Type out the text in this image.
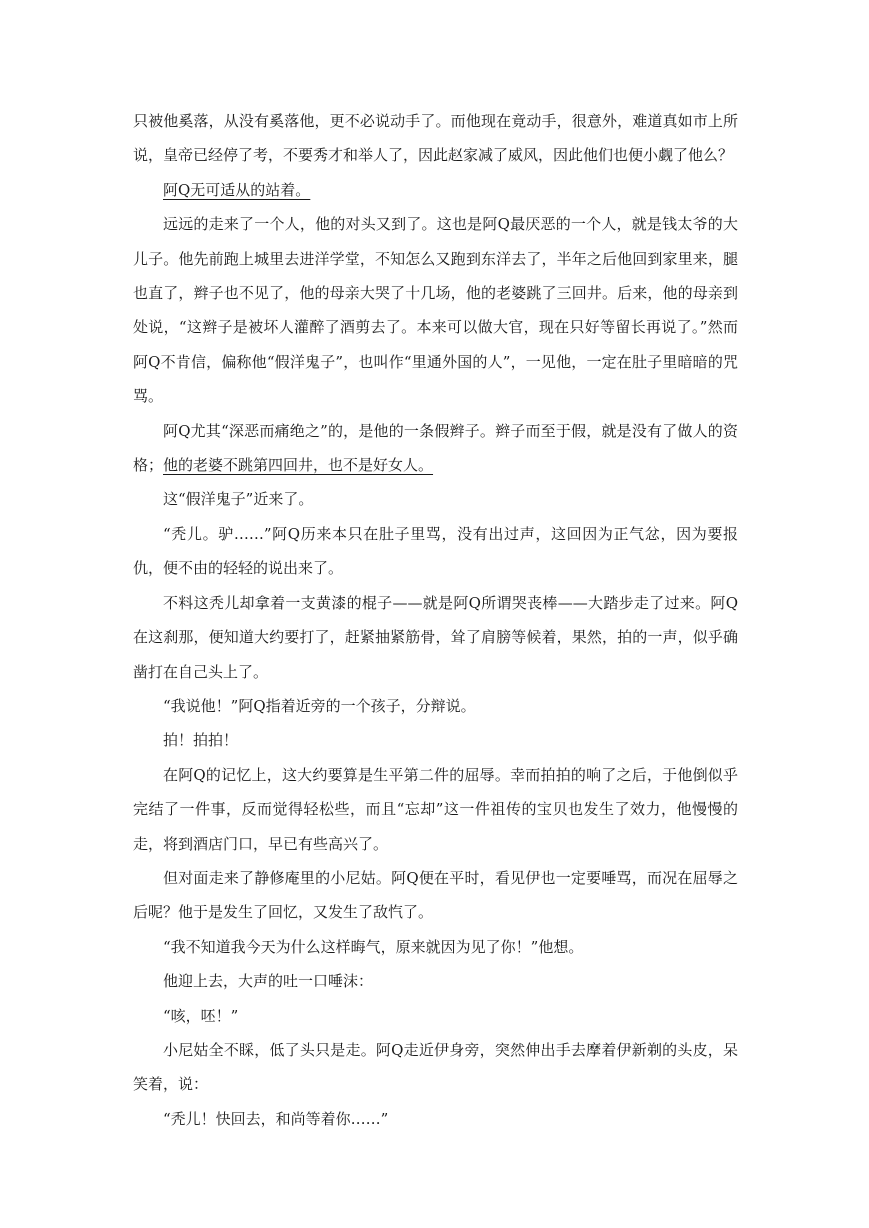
只被他奚落，从没有奚落他，更不必说动手了。而他现在竟动手，很意外，难道真如市上所说，皇帝已经停了考，不要秀才和举人了，因此赵家减了威风，因此他们也便小觑了他么？

阿Q无可适从的站着。

远远的走来了一个人，他的对头又到了。这也是阿Q最厌恶的一个人，就是钱太爷的大儿子。他先前跑上城里去进洋学堂，不知怎么又跑到东洋去了，半年之后他回到家里来，腿也直了，辫子也不见了，他的母亲大哭了十几场，他的老婆跳了三回井。后来，他的母亲到处说，“这辫子是被坏人灌醉了酒剪去了。本来可以做大官，现在只好等留长再说了。”然而阿Q不肯信，偏称他“假洋鬼子”，也叫作“里通外国的人”，一见他，一定在肚子里暗暗的咒骂。

阿Q尤其“深恶而痛绝之”的，是他的一条假辫子。辫子而至于假，就是没有了做人的资格；他的老婆不跳第四回井，也不是好女人。

这“假洋鬼子”近来了。

“秃儿。驴……”阿Q历来本只在肚子里骂，没有出过声，这回因为正气忿，因为要报仇，便不由的轻轻的说出来了。

不料这秃儿却拿着一支黄漆的棍子——就是阿Q所谓哭丧棒——大踏步走了过来。阿Q在这刹那，便知道大约要打了，赶紧抽紧筋骨，耸了肩膀等候着，果然，拍的一声，似乎确凿打在自己头上了。

“我说他！”阿Q指着近旁的一个孩子，分辩说。

拍！拍拍！

在阿Q的记忆上，这大约要算是生平第二件的屈辱。幸而拍拍的响了之后，于他倒似乎完结了一件事，反而觉得轻松些，而且“忘却”这一件祖传的宝贝也发生了效力，他慢慢的走，将到酒店门口，早已有些高兴了。

但对面走来了静修庵里的小尼姑。阿Q便在平时，看见伊也一定要唾骂，而况在屈辱之后呢？他于是发生了回忆，又发生了敌忾了。

“我不知道我今天为什么这样晦气，原来就因为见了你！”他想。

他迎上去，大声的吐一口唾沫：

“咳，呸！”

小尼姑全不睬，低了头只是走。阿Q走近伊身旁，突然伸出手去摩着伊新剃的头皮，呆笑着，说：

“秃儿！快回去，和尚等着你……”
